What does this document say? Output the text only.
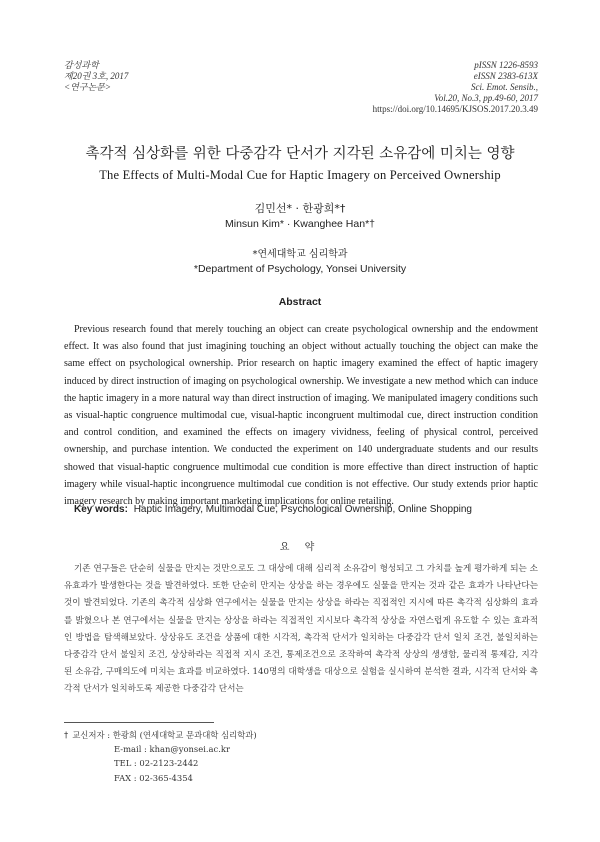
감성과학
제20권 3호, 2017
<연구논문>
pISSN 1226-8593
eISSN 2383-613X
Sci. Emot. Sensib.,
Vol.20, No.3, pp.49-60, 2017
https://doi.org/10.14695/KJSOS.2017.20.3.49
촉각적 심상화를 위한 다중감각 단서가 지각된 소유감에 미치는 영향
The Effects of Multi-Modal Cue for Haptic Imagery on Perceived Ownership
김민선* · 한광희*†
Minsun Kim* · Kwanghee Han*†
*연세대학교 심리학과
*Department of Psychology, Yonsei University
Abstract

Previous research found that merely touching an object can create psychological ownership and the endowment effect. It was also found that just imagining touching an object without actually touching the object can make the same effect on psychological ownership. Prior research on haptic imagery examined the effect of haptic imagery induced by direct instruction of imaging on psychological ownership. We investigate a new method which can induce the haptic imagery in a more natural way than direct instruction of imaging. We manipulated imagery conditions such as visual-haptic congruence multimodal cue, visual-haptic incongruent multimodal cue, direct instruction condition and control condition, and examined the effects on imagery vividness, feeling of physical control, perceived ownership, and purchase intention. We conducted the experiment on 140 undergraduate students and our results showed that visual-haptic congruence multimodal cue condition is more effective than direct instruction of haptic imagery while visual-haptic incongruence multimodal cue condition is not effective. Our study extends prior haptic imagery research by making important marketing implications for online retailing.

Key words: Haptic Imagery, Multimodal Cue, Psychological Ownership, Online Shopping
요 약

기존 연구들은 단순히 실물을 만지는 것만으로도 그 대상에 대해 심리적 소유감이 형성되고 그 가치를 높게 평가하게 되는 소유효과가 발생한다는 것을 발견하였다. 또한 단순히 만지는 상상을 하는 경우에도 실물을 만지는 것과 같은 효과가 나타난다는 것이 발견되었다. 기존의 촉각적 심상화 연구에서는 실물을 만지는 상상을 하라는 직접적인 지시에 따른 촉각적 심상화의 효과를 밝혔으나 본 연구에서는 실물을 만지는 상상을 하라는 직접적인 지시보다 촉각적 상상을 자연스럽게 유도할 수 있는 효과적인 방법을 탐색해보았다. 상상유도 조건을 상품에 대한 시각적, 촉각적 단서가 일치하는 다중감각 단서 일치 조건, 불일치하는 다중감각 단서 불일치 조건, 상상하라는 직접적 지시 조건, 통제조건으로 조작하여 촉각적 상상의 생생함, 물리적 통제감, 지각된 소유감, 구매의도에 미치는 효과를 비교하였다. 140명의 대학생을 대상으로 실험을 실시하여 분석한 결과, 시각적 단서와 촉각적 단서가 일치하도록 제공한 다중감각 단서는

† 교신저자 : 한광희 (연세대학교 문과대학 심리학과)
E-mail : khan@yonsei.ac.kr
TEL : 02-2123-2442
FAX : 02-365-4354
